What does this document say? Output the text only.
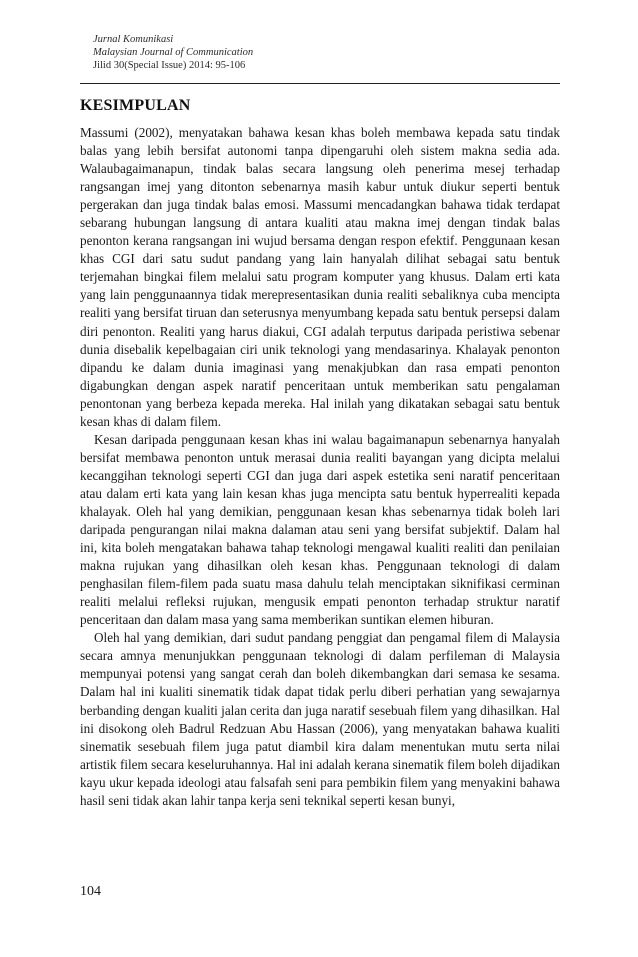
Jurnal Komunikasi
Malaysian Journal of Communication
Jilid 30(Special Issue) 2014: 95-106
KESIMPULAN

Massumi (2002), menyatakan bahawa kesan khas boleh membawa kepada satu tindak balas yang lebih bersifat autonomi tanpa dipengaruhi oleh sistem makna sedia ada. Walaubagaimanapun, tindak balas secara langsung oleh penerima mesej terhadap rangsangan imej yang ditonton sebenarnya masih kabur untuk diukur seperti bentuk pergerakan dan juga tindak balas emosi. Massumi mencadangkan bahawa tidak terdapat sebarang hubungan langsung di antara kualiti atau makna imej dengan tindak balas penonton kerana rangsangan ini wujud bersama dengan respon efektif. Penggunaan kesan khas CGI dari satu sudut pandang yang lain hanyalah dilihat sebagai satu bentuk terjemahan bingkai filem melalui satu program komputer yang khusus. Dalam erti kata yang lain penggunaannya tidak merepresentasikan dunia realiti sebaliknya cuba mencipta realiti yang bersifat tiruan dan seterusnya menyumbang kepada satu bentuk persepsi dalam diri penonton. Realiti yang harus diakui, CGI adalah terputus daripada peristiwa sebenar dunia disebalik kepelbagaian ciri unik teknologi yang mendasarinya. Khalayak penonton dipandu ke dalam dunia imaginasi yang menakjubkan dan rasa empati penonton digabungkan dengan aspek naratif penceritaan untuk memberikan satu pengalaman penontonan yang berbeza kepada mereka. Hal inilah yang dikatakan sebagai satu bentuk kesan khas di dalam filem.

Kesan daripada penggunaan kesan khas ini walau bagaimanapun sebenarnya hanyalah bersifat membawa penonton untuk merasai dunia realiti bayangan yang dicipta melalui kecanggihan teknologi seperti CGI dan juga dari aspek estetika seni naratif penceritaan atau dalam erti kata yang lain kesan khas juga mencipta satu bentuk hyperrealiti kepada khalayak. Oleh hal yang demikian, penggunaan kesan khas sebenarnya tidak boleh lari daripada pengurangan nilai makna dalaman atau seni yang bersifat subjektif. Dalam hal ini, kita boleh mengatakan bahawa tahap teknologi mengawal kualiti realiti dan penilaian makna rujukan yang dihasilkan oleh kesan khas. Penggunaan teknologi di dalam penghasilan filem-filem pada suatu masa dahulu telah menciptakan siknifikasi cerminan realiti melalui refleksi rujukan, mengusik empati penonton terhadap struktur naratif penceritaan dan dalam masa yang sama memberikan suntikan elemen hiburan.

Oleh hal yang demikian, dari sudut pandang penggiat dan pengamal filem di Malaysia secara amnya menunjukkan penggunaan teknologi di dalam perfileman di Malaysia mempunyai potensi yang sangat cerah dan boleh dikembangkan dari semasa ke sesama. Dalam hal ini kualiti sinematik tidak dapat tidak perlu diberi perhatian yang sewajarnya berbanding dengan kualiti jalan cerita dan juga naratif sesebuah filem yang dihasilkan. Hal ini disokong oleh Badrul Redzuan Abu Hassan (2006), yang menyatakan bahawa kualiti sinematik sesebuah filem juga patut diambil kira dalam menentukan mutu serta nilai artistik filem secara keseluruhannya. Hal ini adalah kerana sinematik filem boleh dijadikan kayu ukur kepada ideologi atau falsafah seni para pembikin filem yang menyakini bahawa hasil seni tidak akan lahir tanpa kerja seni teknikal seperti kesan bunyi,

104
